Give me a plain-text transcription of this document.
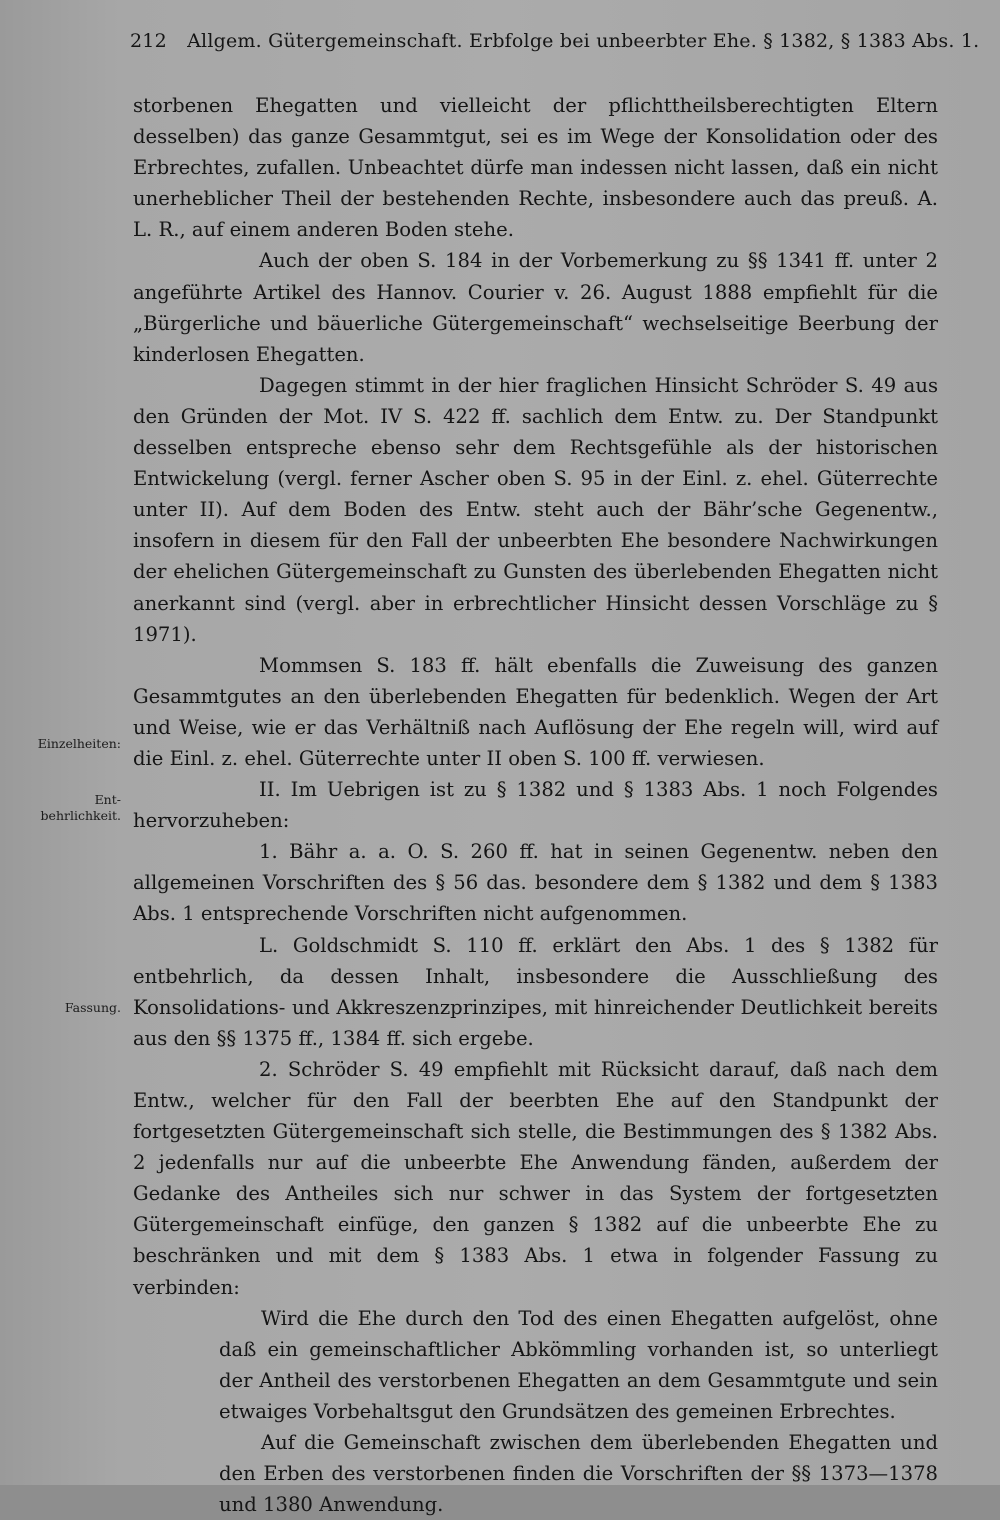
212 Allgem. Gütergemeinschaft. Erbfolge bei unbeerbter Ehe. § 1382, § 1383 Abs. 1.
Einzelheiten:
Ent-behrlichkeit.
Fassung.

storbenen Ehegatten und vielleicht der pflichttheilsberechtigten Eltern desselben) das ganze Gesammtgut, sei es im Wege der Konsolidation oder des Erbrechtes, zufallen. Unbeachtet dürfe man indessen nicht lassen, daß ein nicht unerheblicher Theil der bestehenden Rechte, insbesondere auch das preuß. A. L. R., auf einem anderen Boden stehe.

Auch der oben S. 184 in der Vorbemerkung zu §§ 1341 ff. unter 2 angeführte Artikel des Hannov. Courier v. 26. August 1888 empfiehlt für die „Bürgerliche und bäuerliche Gütergemeinschaft“ wechselseitige Beerbung der kinderlosen Ehegatten.

Dagegen stimmt in der hier fraglichen Hinsicht Schröder S. 49 aus den Gründen der Mot. IV S. 422 ff. sachlich dem Entw. zu. Der Standpunkt desselben entspreche ebenso sehr dem Rechtsgefühle als der historischen Entwickelung (vergl. ferner Ascher oben S. 95 in der Einl. z. ehel. Güterrechte unter II). Auf dem Boden des Entw. steht auch der Bähr’sche Gegenentw., insofern in diesem für den Fall der unbeerbten Ehe besondere Nachwirkungen der ehelichen Gütergemeinschaft zu Gunsten des überlebenden Ehegatten nicht anerkannt sind (vergl. aber in erbrechtlicher Hinsicht dessen Vorschläge zu § 1971).

Mommsen S. 183 ff. hält ebenfalls die Zuweisung des ganzen Gesammtgutes an den überlebenden Ehegatten für bedenklich. Wegen der Art und Weise, wie er das Verhältniß nach Auflösung der Ehe regeln will, wird auf die Einl. z. ehel. Güterrechte unter II oben S. 100 ff. verwiesen.

II. Im Uebrigen ist zu § 1382 und § 1383 Abs. 1 noch Folgendes hervorzuheben:

1. Bähr a. a. O. S. 260 ff. hat in seinen Gegenentw. neben den allgemeinen Vorschriften des § 56 das. besondere dem § 1382 und dem § 1383 Abs. 1 entsprechende Vorschriften nicht aufgenommen.

L. Goldschmidt S. 110 ff. erklärt den Abs. 1 des § 1382 für entbehrlich, da dessen Inhalt, insbesondere die Ausschließung des Konsolidations- und Akkreszenzprinzipes, mit hinreichender Deutlichkeit bereits aus den §§ 1375 ff., 1384 ff. sich ergebe.

2. Schröder S. 49 empfiehlt mit Rücksicht darauf, daß nach dem Entw., welcher für den Fall der beerbten Ehe auf den Standpunkt der fortgesetzten Gütergemeinschaft sich stelle, die Bestimmungen des § 1382 Abs. 2 jedenfalls nur auf die unbeerbte Ehe Anwendung fänden, außerdem der Gedanke des Antheiles sich nur schwer in das System der fortgesetzten Gütergemeinschaft einfüge, den ganzen § 1382 auf die unbeerbte Ehe zu beschränken und mit dem § 1383 Abs. 1 etwa in folgender Fassung zu verbinden:

Wird die Ehe durch den Tod des einen Ehegatten aufgelöst, ohne daß ein gemeinschaftlicher Abkömmling vorhanden ist, so unterliegt der Antheil des verstorbenen Ehegatten an dem Gesammtgute und sein etwaiges Vorbehaltsgut den Grundsätzen des gemeinen Erbrechtes.

Auf die Gemeinschaft zwischen dem überlebenden Ehegatten und den Erben des verstorbenen finden die Vorschriften der §§ 1373—1378 und 1380 Anwendung.
